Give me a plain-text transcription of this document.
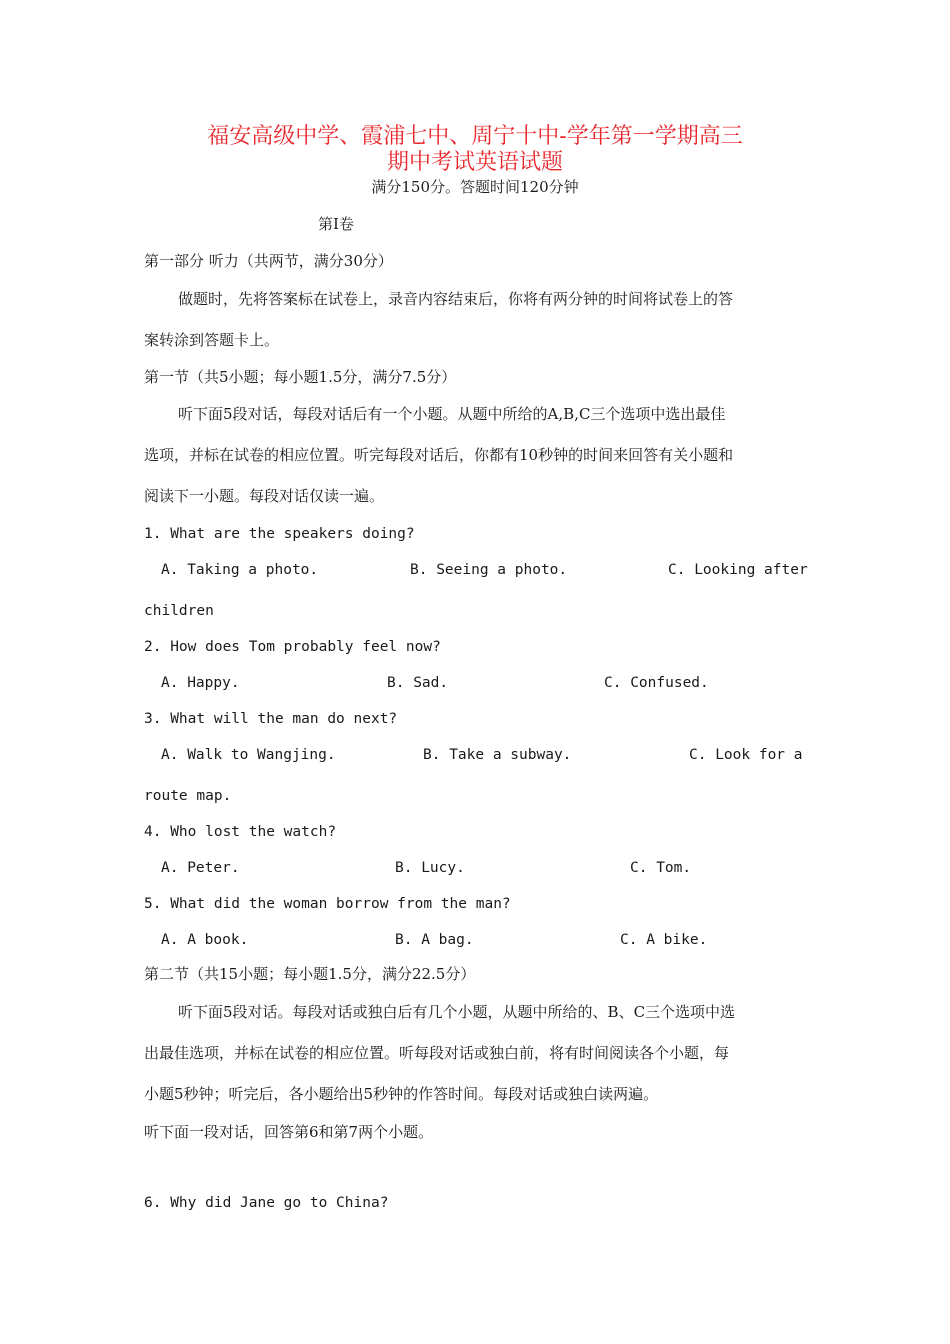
福安高级中学、霞浦七中、周宁十中-学年第一学期高三
期中考试英语试题
满分150分。答题时间120分钟
第Ⅰ卷
第一部分 听力（共两节，满分30分）
做题时，先将答案标在试卷上，录音内容结束后，你将有两分钟的时间将试卷上的答
案转涂到答题卡上。
第一节（共5小题；每小题1.5分，满分7.5分）
听下面5段对话，每段对话后有一个小题。从题中所给的A,B,C三个选项中选出最佳
选项，并标在试卷的相应位置。听完每段对话后，你都有10秒钟的时间来回答有关小题和
阅读下一小题。每段对话仅读一遍。
1. What are the speakers doing?
A. Taking a photo.	B. Seeing a photo.	C. Looking after
children
2. How does Tom probably feel now?
A. Happy.	B. Sad.	C. Confused.
3. What will the man do next?
A. Walk to Wangjing.	B. Take a subway.	C. Look for a
route map.
4. Who lost the watch?
A. Peter.	B. Lucy.	C. Tom.
5. What did the woman borrow from the man?
A. A book.	B. A bag.	C. A bike.
第二节（共15小题；每小题1.5分，满分22.5分）
听下面5段对话。每段对话或独白后有几个小题，从题中所给的、B、C三个选项中选
出最佳选项，并标在试卷的相应位置。听每段对话或独白前，将有时间阅读各个小题，每
小题5秒钟；听完后，各小题给出5秒钟的作答时间。每段对话或独白读两遍。
听下面一段对话，回答第6和第7两个小题。
6. Why did Jane go to China?
